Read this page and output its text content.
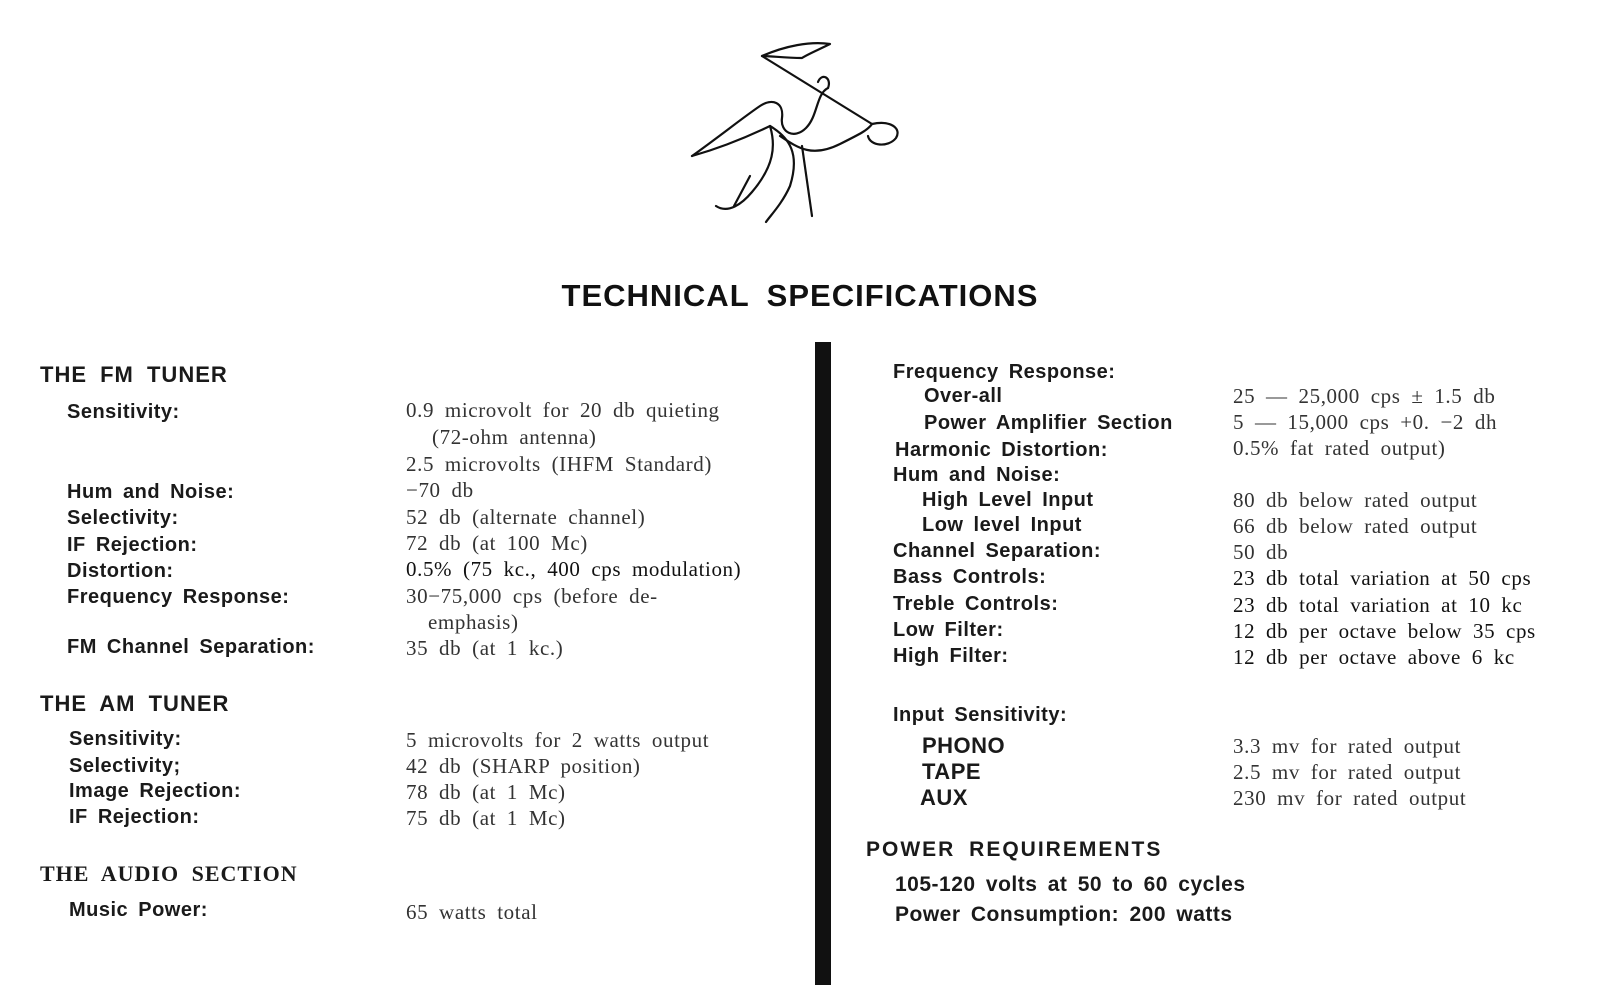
TECHNICAL SPECIFICATIONS
THE FM TUNER
Sensitivity:	0.9 microvolt for 20 db quieting
(72-ohm antenna)
2.5 microvolts (IHFM Standard)
Hum and Noise:	−70 db
Selectivity:	52 db (alternate channel)
IF Rejection:	72 db (at 100 Mc)
Distortion:	0.5% (75 kc., 400 cps modulation)
Frequency Response:	30−75,000 cps (before de-
emphasis)
FM Channel Separation:	35 db (at 1 kc.)
THE AM TUNER
Sensitivity:	5 microvolts for 2 watts output
Selectivity;	42 db (SHARP position)
Image Rejection:	78 db (at 1 Mc)
IF Rejection:	75 db (at 1 Mc)
THE AUDIO SECTION
Music Power:	65 watts total
Frequency Response:
Over-all	25 — 25,000 cps ± 1.5 db
Power Amplifier Section	5 — 15,000 cps +0. −2 dh
Harmonic Distortion:	0.5% fat rated output)
Hum and Noise:
High Level Input	80 db below rated output
Low level Input	66 db below rated output
Channel Separation:	50 db
Bass Controls:	23 db total variation at 50 cps
Treble Controls:	23 db total variation at 10 kc
Low Filter:	12 db per octave below 35 cps
High Filter:	12 db per octave above 6 kc
Input Sensitivity:
PHONO	3.3 mv for rated output
TAPE	2.5 mv for rated output
AUX	230 mv for rated output
POWER REQUIREMENTS
105-120 volts at 50 to 60 cycles
Power Consumption: 200 watts
